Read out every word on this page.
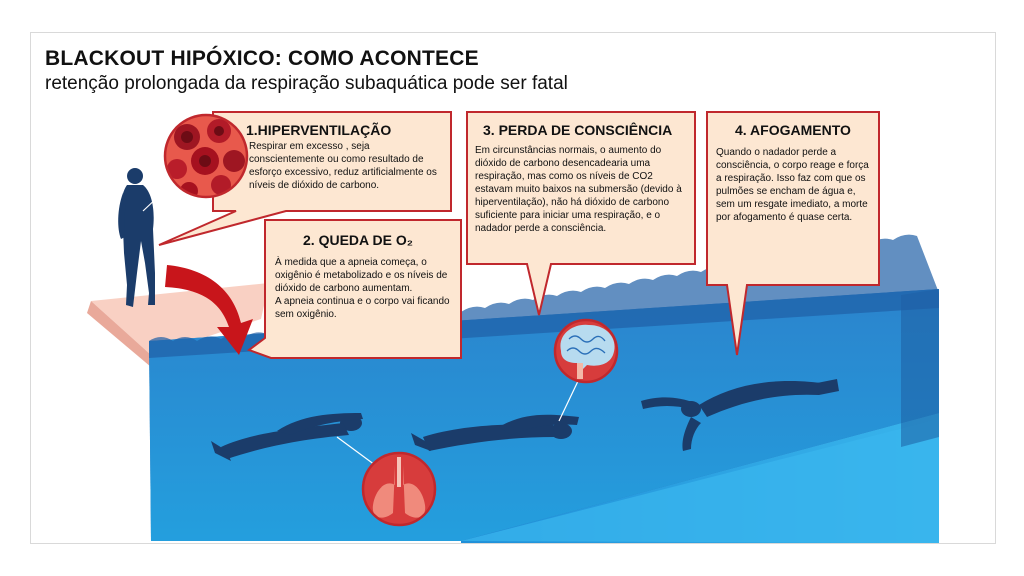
BLACKOUT HIPÓXICO: COMO ACONTECE

retenção prolongada da respiração subaquática pode ser fatal

1.HIPERVENTILAÇÃO
Respirar em excesso , seja conscientemente ou como resultado de esforço excessivo, reduz artificialmente os níveis de dióxido de carbono.
2. QUEDA DE O₂
À medida que a apneia começa, o oxigênio é metabolizado e os níveis de dióxido de carbono aumentam.
A apneia continua e o corpo vai ficando sem oxigênio.
3. PERDA DE CONSCIÊNCIA
Em circunstâncias normais, o aumento do dióxido de carbono desencadearia uma respiração, mas como os níveis de CO2 estavam muito baixos na submersão (devido à hiperventilação), não há dióxido de carbono suficiente para iniciar uma respiração, e o nadador perde a consciência.
4. AFOGAMENTO
Quando o nadador perde a consciência, o corpo reage e força a respiração. Isso faz com que os pulmões se encham de água e, sem um resgate imediato, a morte por afogamento é quase certa.
